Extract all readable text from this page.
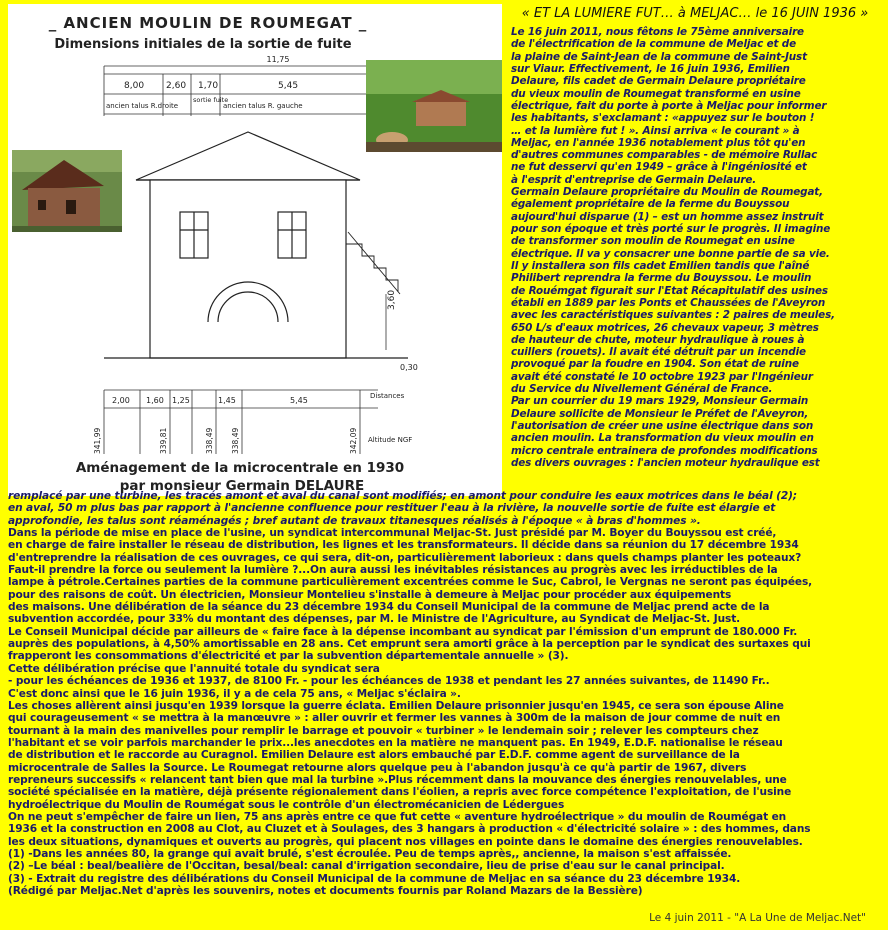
_ ANCIEN MOULIN DE ROUMEGAT _
Dimensions initiales de la sortie de fuite
11,75
8,00 2,60 1,70	5,45
ancien talus R.droite
sortie fuite
ancien talus R. gauche
3,60
0,30
2,00 1,60 1,25	1,45	5,45	Distances
341,99	339,81	338,49 338,49	342,09 Altitude NGF
Aménagement de la microcentrale en 1930
par monsieur Germain DELAURE
« ET LA LUMIERE FUT… à MELJAC… le 16 JUIN 1936 »

Le 16 juin 2011, nous fêtons le 75ème anniversaire

de l'électrification de la commune de Meljac et de

la plaine de Saint-Jean de la commune de Saint-Just

sur Viaur. Effectivement, le 16 juin 1936, Emilien

Delaure, fils cadet de Germain Delaure propriétaire

du vieux moulin de Roumegat transformé en usine

électrique, fait du porte à porte à Meljac pour informer

les habitants, s'exclamant : «appuyez sur le bouton !

… et la lumière fut ! ». Ainsi arriva « le courant » à

Meljac, en l'année 1936 notablement plus tôt qu'en

d'autres communes comparables - de mémoire Rullac

ne fut desservi qu'en 1949 – grâce à l'ingéniosité et

à l'esprit d'entreprise de Germain Delaure.

Germain Delaure propriétaire du Moulin de Roumegat,

également propriétaire de la ferme du Bouyssou

aujourd'hui disparue (1) – est un homme assez instruit

pour son époque et très porté sur le progrès. Il imagine

de transformer son moulin de Roumegat en usine

électrique. Il va y consacrer une bonne partie de sa vie.

Il y installera son fils cadet Emilien tandis que l'aîné

Philibert reprendra la ferme du Bouyssou. Le moulin

de Rouémgat figurait sur l'Etat Récapitulatif des usines

établi en 1889 par les Ponts et Chaussées de l'Aveyron

avec les caractéristiques suivantes : 2 paires de meules,

650 L/s d'eaux motrices, 26 chevaux vapeur, 3 mètres

de hauteur de chute, moteur hydraulique à roues à

cuillers (rouets). Il avait été détruit par un incendie

provoqué par la foudre en 1904. Son état de ruine

avait été constaté le 10 octobre 1923 par l'Ingénieur

du Service du Nivellement Général de France.

Par un courrier du 19 mars 1929, Monsieur Germain

Delaure sollicite de Monsieur le Préfet de l'Aveyron,

l'autorisation de créer une usine électrique dans son

ancien moulin. La transformation du vieux moulin en

micro centrale entrainera de profondes modifications

des divers ouvrages : l'ancien moteur hydraulique est

remplacé par une turbine, les tracés amont et aval du canal sont modifiés; en amont pour conduire les eaux motrices dans le béal (2);

en aval, 50 m plus bas par rapport à l'ancienne confluence pour restituer l'eau à la rivière, la nouvelle sortie de fuite est élargie et

approfondie, les talus sont réaménagés ; bref autant de travaux titanesques réalisés à l'époque « à bras d'hommes ».

Dans la période de mise en place de l'usine, un syndicat intercommunal Meljac-St. Just présidé par M. Boyer du Bouyssou est créé,

en charge de faire installer le réseau de distribution, les lignes et les transformateurs. Il décide dans sa réunion du 17 décembre 1934

d'entreprendre la réalisation de ces ouvrages, ce qui sera, dit-on, particulièrement laborieux : dans quels champs planter les poteaux?

Faut-il prendre la force ou seulement la lumière ?...On aura aussi les inévitables résistances au progrès avec les irréductibles de la

lampe à pétrole.Certaines parties de la commune particulièrement excentrées comme le Suc, Cabrol, le Vergnas ne seront pas équipées,

pour des raisons de coût. Un électricien, Monsieur Montelieu s'installe à demeure à Meljac pour procéder aux équipements

des maisons. Une délibération de la séance du 23 décembre 1934 du Conseil Municipal de la commune de Meljac prend acte de la

subvention accordée, pour 33% du montant des dépenses, par M. le Ministre de l'Agriculture, au Syndicat de Meljac-St. Just.

Le Conseil Municipal décide par ailleurs de « faire face à la dépense incombant au syndicat par l'émission d'un emprunt de 180.000 Fr.

auprès des populations, à 4,50% amortissable en 28 ans. Cet emprunt sera amorti grâce à la perception par le syndicat des surtaxes qui

frapperont les consommations d'électricité et par la subvention départementale annuelle » (3).

Cette délibération précise que l'annuité totale du syndicat sera

- pour les échéances de 1936 et 1937, de 8100 Fr. - pour les échéances de 1938 et pendant les 27 années suivantes, de 11490 Fr..

C'est donc ainsi que le 16 juin 1936, il y a de cela 75 ans, « Meljac s'éclaira ».

Les choses allèrent ainsi jusqu'en 1939 lorsque la guerre éclata. Emilien Delaure prisonnier jusqu'en 1945, ce sera son épouse Aline

qui courageusement « se mettra à la manœuvre » : aller ouvrir et fermer les vannes à 300m de la maison de jour comme de nuit en

tournant à la main des manivelles pour remplir le barrage et pouvoir « turbiner » le lendemain soir ; relever les compteurs chez

l'habitant et se voir parfois marchander le prix...les anecdotes en la matière ne manquent pas. En 1949, E.D.F. nationalise le réseau

de distribution et le raccorde au Curagnol. Emilien Delaure est alors embauché par E.D.F. comme agent de surveillance de la

microcentrale de Salles la Source. Le Roumegat retourne alors quelque peu à l'abandon jusqu'à ce qu'à partir de 1967, divers

repreneurs successifs « relancent tant bien que mal la turbine ».Plus récemment dans la mouvance des énergies renouvelables, une

société spécialisée en la matière, déjà présente régionalement dans l'éolien, a repris avec force compétence l'exploitation, de l'usine

hydroélectrique du Moulin de Roumégat sous le contrôle d'un électromécanicien de Lédergues

On ne peut s'empêcher de faire un lien, 75 ans après entre ce que fut cette « aventure hydroélectrique » du moulin de Roumégat en

1936 et la construction en 2008 au Clot, au Cluzet et à Soulages, des 3 hangars à production « d'électricité solaire » : des hommes, dans

les deux situations, dynamiques et ouverts au progrès, qui placent nos villages en pointe dans le domaine des énergies renouvelables.

(1) -Dans les années 80, la grange qui avait brulé, s'est écroulée. Peu de temps après,, ancienne, la maison s'est affaissée.

(2) –Le béal : beal/bealière de l'Occitan, besal/beal: canal d'irrigation secondaire, lieu de prise d'eau sur le canal principal.

(3) - Extrait du registre des délibérations du Conseil Municipal de la commune de Meljac en sa séance du 23 décembre 1934.

(Rédigé par Meljac.Net d'après les souvenirs, notes et documents fournis par Roland Mazars de la Bessière)

Le 4 juin 2011 - "A La Une de Meljac.Net"
